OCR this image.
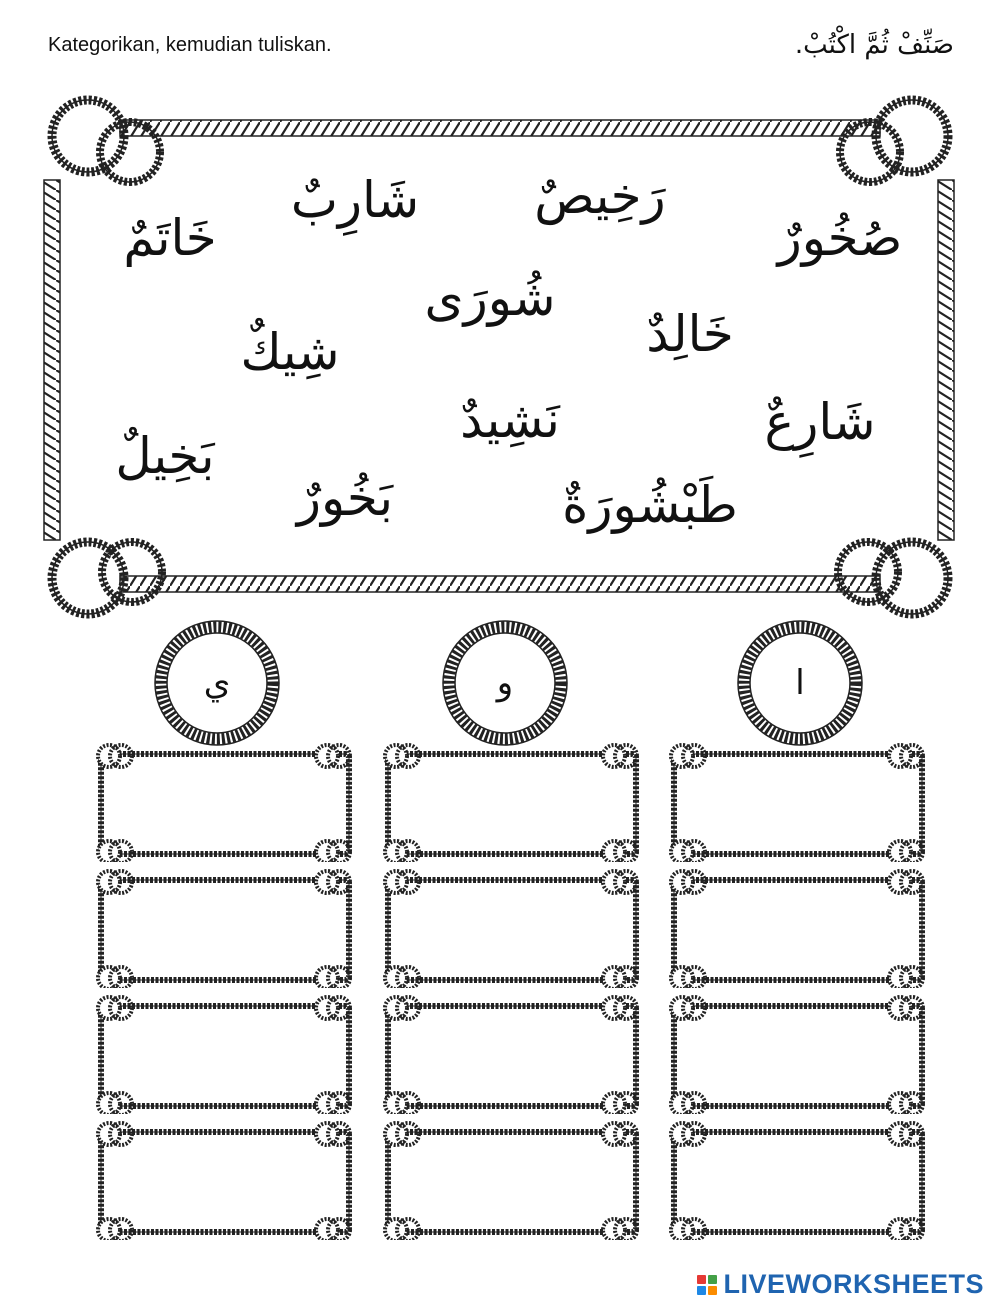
Kategorikan, kemudian tuliskan.	صَنِّفْ ثُمَّ اكْتُبْ.
خَاتَمٌ
شَارِبٌ رَخِيصٌ
صُخُورٌ
شُورَى
شِيكٌ	خَالِدٌ
بَخِيلٌ
نَشِيدٌ	شَارِعٌ
بَخُورٌ	طَبْشُورَةٌ
ي	و	ا
LIVEWORKSHEETS
